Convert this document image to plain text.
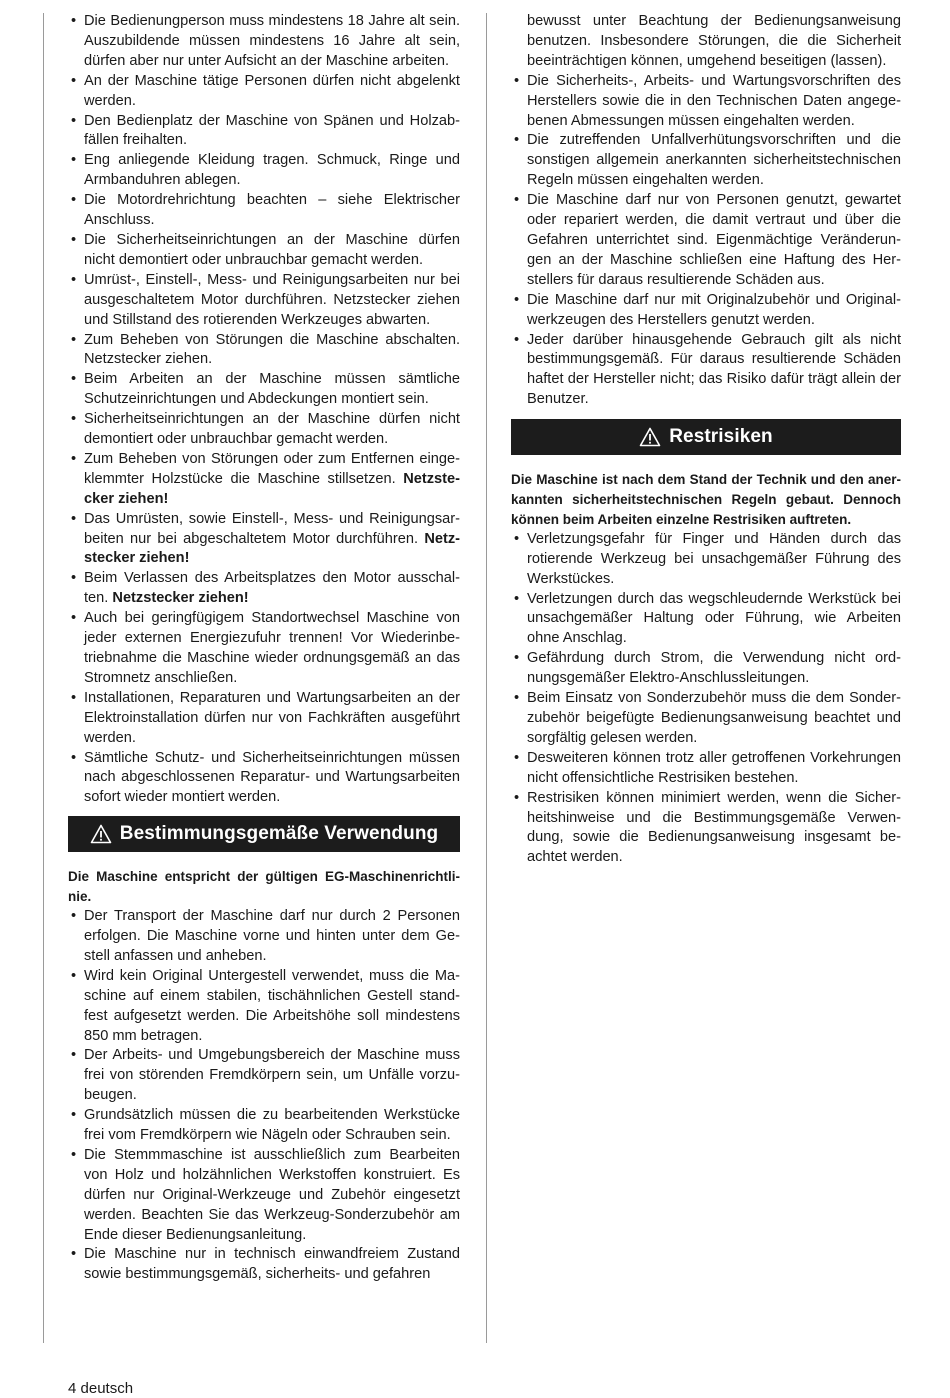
• Die Bedienungperson muss mindestens 18 Jahre alt sein. Auszubildende müssen mindestens 16 Jahre alt sein, dürfen aber nur unter Aufsicht an der Maschine arbeiten.
• An der Maschine tätige Personen dürfen nicht abgelenkt werden.
• Den Bedienplatz der Maschine von Spänen und Holzabfällen freihalten.
• Eng anliegende Kleidung tragen. Schmuck, Ringe und Armbanduhren ablegen.
• Die Motordrehrichtung beachten – siehe Elektrischer Anschluss.
• Die Sicherheitseinrichtungen an der Maschine dürfen nicht demontiert oder unbrauchbar gemacht werden.
• Umrüst-, Einstell-, Mess- und Reinigungsarbeiten nur bei ausgeschaltetem Motor durchführen. Netzstecker ziehen und Stillstand des rotierenden Werkzeuges abwarten.
• Zum Beheben von Störungen die Maschine abschalten. Netzstecker ziehen.
• Beim Arbeiten an der Maschine müssen sämtliche Schutzeinrichtungen und Abdeckungen montiert sein.
• Sicherheitseinrichtungen an der Maschine dürfen nicht demontiert oder unbrauchbar gemacht werden.
• Zum Beheben von Störungen oder zum Entfernen eingeklemmter Holzstücke die Maschine stillsetzen. Netzstecker ziehen!
• Das Umrüsten, sowie Einstell-, Mess- und Reinigungsarbeiten nur bei abgeschaltetem Motor durchführen. Netzstecker ziehen!
• Beim Verlassen des Arbeitsplatzes den Motor ausschalten. Netzstecker ziehen!
• Auch bei geringfügigem Standortwechsel Maschine von jeder externen Energiezufuhr trennen! Vor Wiederinbetriebnahme die Maschine wieder ordnungsgemäß an das Stromnetz anschließen.
• Installationen, Reparaturen und Wartungsarbeiten an der Elektroinstallation dürfen nur von Fachkräften ausgeführt werden.
• Sämtliche Schutz- und Sicherheitseinrichtungen müssen nach abgeschlossenen Reparatur- und Wartungsarbeiten sofort wieder montiert werden.
Bestimmungsgemäße Verwendung
Die Maschine entspricht der gültigen EG-Maschinenrichtlinie.
• Der Transport der Maschine darf nur durch 2 Personen erfolgen. Die Maschine vorne und hinten unter dem Gestell anfassen und anheben.
• Wird kein Original Untergestell verwendet, muss die Maschine auf einem stabilen, tischähnlichen Gestell standfest aufgesetzt werden. Die Arbeitshöhe soll mindestens 850 mm betragen.
• Der Arbeits- und Umgebungsbereich der Maschine muss frei von störenden Fremdkörpern sein, um Unfälle vorzubeugen.
• Grundsätzlich müssen die zu bearbeitenden Werkstücke frei vom Fremdkörpern wie Nägeln oder Schrauben sein.
• Die Stemmmaschine ist ausschließlich zum Bearbeiten von Holz und holzähnlichen Werkstoffen konstruiert. Es dürfen nur Original-Werkzeuge und Zubehör eingesetzt werden. Beachten Sie das Werkzeug-Sonderzubehör am Ende dieser Bedienungsanleitung.
• Die Maschine nur in technisch einwandfreiem Zustand sowie bestimmungsgemäß, sicherheits- und gefahren
bewusst unter Beachtung der Bedienungsanweisung benutzen. Insbesondere Störungen, die die Sicherheit beeinträchtigen können, umgehend beseitigen (lassen).
• Die Sicherheits-, Arbeits- und Wartungsvorschriften des Herstellers sowie die in den Technischen Daten angegebenen Abmessungen müssen eingehalten werden.
• Die zutreffenden Unfallverhütungsvorschriften und die sonstigen allgemein anerkannten sicherheitstechnischen Regeln müssen eingehalten werden.
• Die Maschine darf nur von Personen genutzt, gewartet oder repariert werden, die damit vertraut und über die Gefahren unterrichtet sind. Eigenmächtige Veränderungen an der Maschine schließen eine Haftung des Herstellers für daraus resultierende Schäden aus.
• Die Maschine darf nur mit Originalzubehör und Originalwerkzeugen des Herstellers genutzt werden.
• Jeder darüber hinausgehende Gebrauch gilt als nicht bestimmungsgemäß. Für daraus resultierende Schäden haftet der Hersteller nicht; das Risiko dafür trägt allein der Benutzer.
Restrisiken
Die Maschine ist nach dem Stand der Technik und den anerkannten sicherheitstechnischen Regeln gebaut. Dennoch können beim Arbeiten einzelne Restrisiken auftreten.
• Verletzungsgefahr für Finger und Händen durch das rotierende Werkzeug bei unsachgemäßer Führung des Werkstückes.
• Verletzungen durch das wegschleudernde Werkstück bei unsachgemäßer Haltung oder Führung, wie Arbeiten ohne Anschlag.
• Gefährdung durch Strom, die Verwendung nicht ordnungsgemäßer Elektro-Anschlussleitungen.
• Beim Einsatz von Sonderzubehör muss die dem Sonderzubehör beigefügte Bedienungsanweisung beachtet und sorgfältig gelesen werden.
• Desweiteren können trotz aller getroffenen Vorkehrungen nicht offensichtliche Restrisiken bestehen.
• Restrisiken können minimiert werden, wenn die Sicherheitshinweise und die Bestimmungsgemäße Verwendung, sowie die Bedienungsanweisung insgesamt beachtet werden.
4 deutsch
